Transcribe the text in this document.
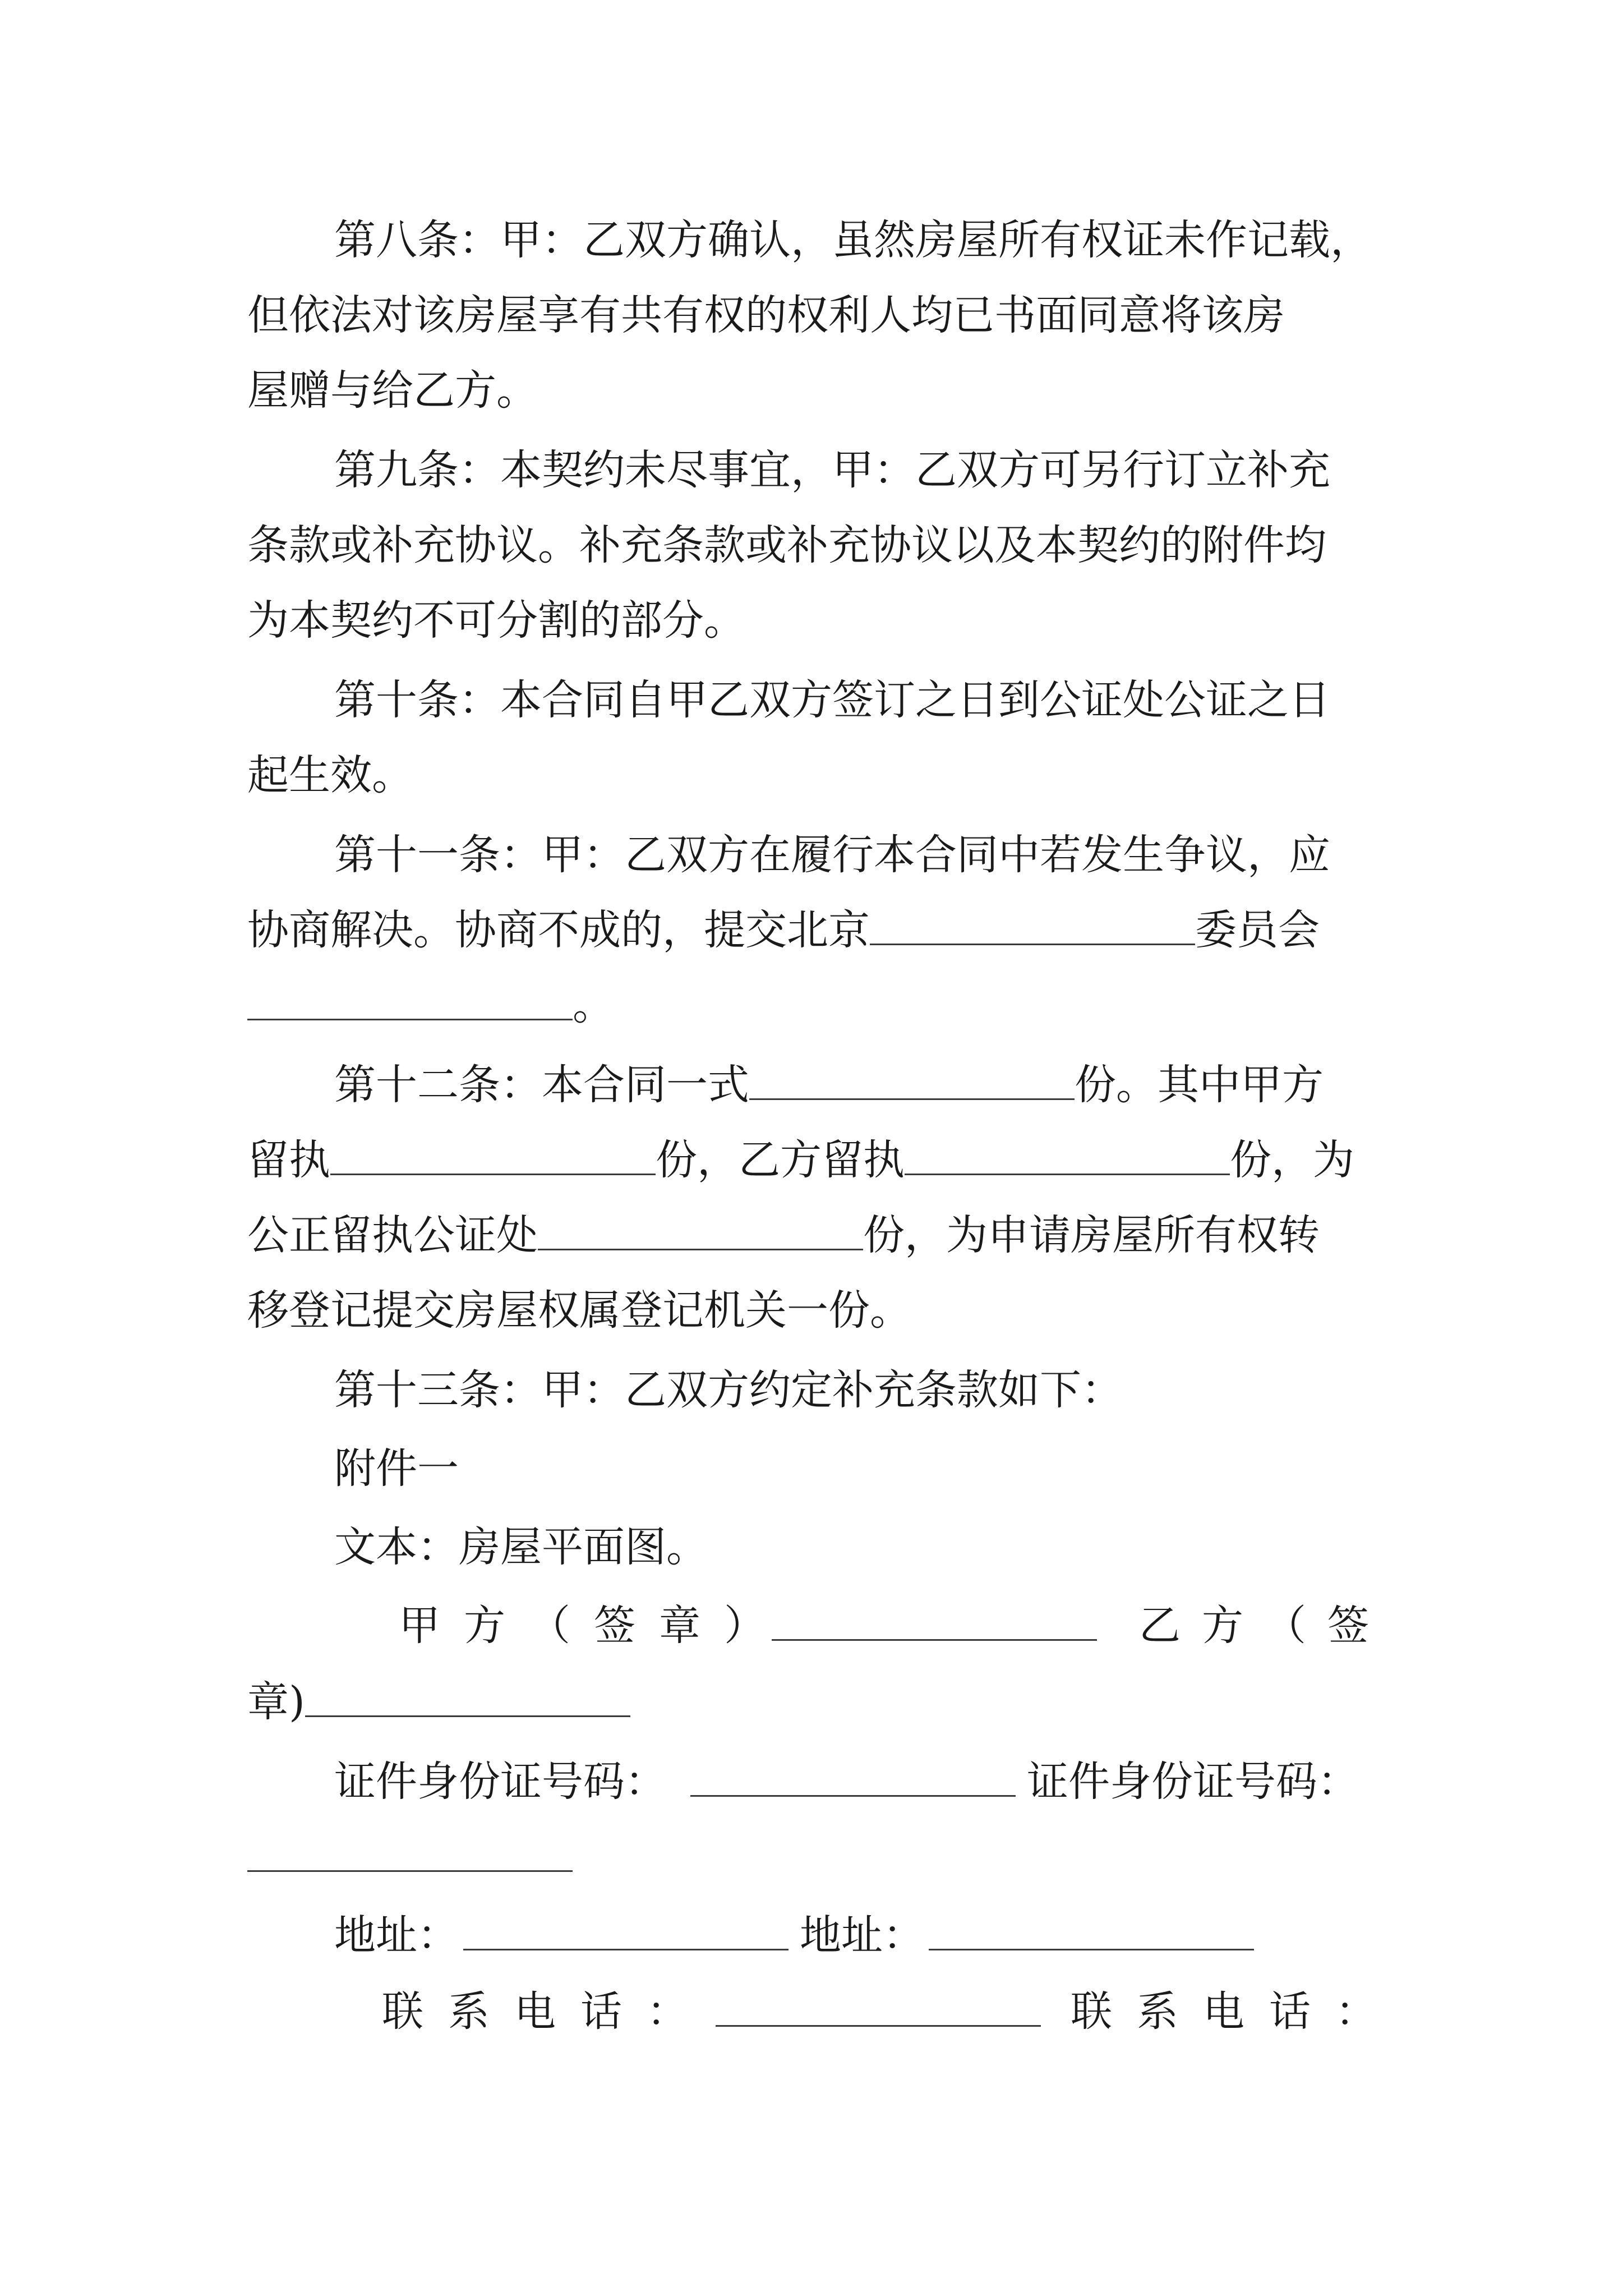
第八条：甲：乙双方确认，虽然房屋所有权证未作记载，
但依法对该房屋享有共有权的权利人均已书面同意将该房
屋赠与给乙方。
第九条：本契约未尽事宜，甲：乙双方可另行订立补充
条款或补充协议。补充条款或补充协议以及本契约的附件均
为本契约不可分割的部分。
第十条：本合同自甲乙双方签订之日到公证处公证之日
起生效。
第十一条：甲：乙双方在履行本合同中若发生争议，应
协商解决。协商不成的，提交北京	委员会
。
第十二条：本合同一式	份。其中甲方
留执	份，乙方留执	份，为
公正留执公证处	份，为申请房屋所有权转
移登记提交房屋权属登记机关一份。
第十三条：甲：乙双方约定补充条款如下：
附件一
文本：房屋平面图。
甲方（签章）	乙方（签
章)
证件身份证号码：	证件身份证号码：
地址：	地址：
联系电话：	联系电话：
